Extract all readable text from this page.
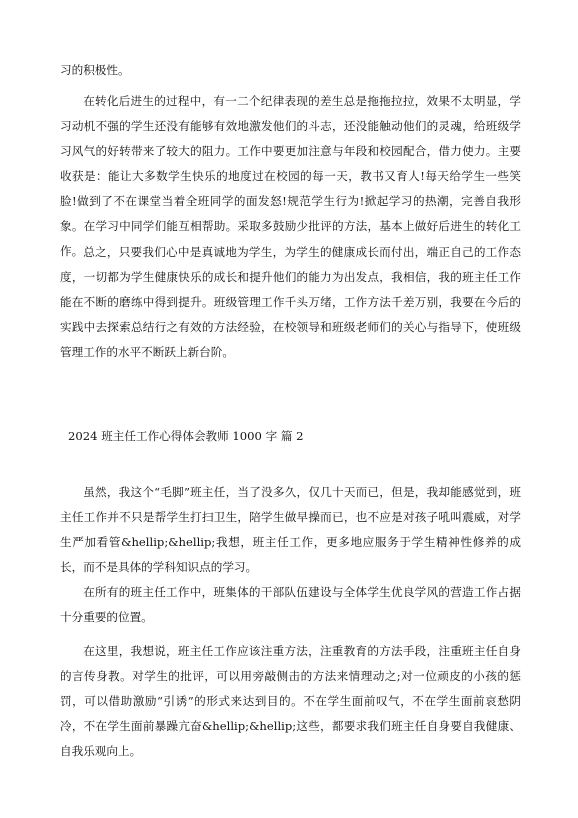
习的积极性。

在转化后进生的过程中，有一二个纪律表现的差生总是拖拖拉拉，效果不太明显，学习动机不强的学生还没有能够有效地激发他们的斗志，还没能触动他们的灵魂，给班级学习风气的好转带来了较大的阻力。工作中要更加注意与年段和校园配合，借力使力。主要收获是：能让大多数学生快乐的地度过在校园的每一天，教书又育人!每天给学生一些笑脸!做到了不在课堂当着全班同学的面发怒!规范学生行为!掀起学习的热潮，完善自我形象。在学习中同学们能互相帮助。采取多鼓励少批评的方法，基本上做好后进生的转化工作。 总之，只要我们心中是真诚地为学生，为学生的健康成长而付出，端正自己的工作态度，一切都为学生健康快乐的成长和提升他们的能力为出发点，我相信，我的班主任工作能在不断的磨练中得到提升。班级管理工作千头万绪，工作方法千差万别，我要在今后的实践中去探索总结行之有效的方法经验，在校领导和班级老师们的关心与指导下，使班级管理工作的水平不断跃上新台阶。

2024 班主任工作心得体会教师 1000 字 篇 2

虽然，我这个“毛脚”班主任，当了没多久，仅几十天而已，但是，我却能感觉到，班主任工作并不只是帮学生打扫卫生，陪学生做早操而已，也不应是对孩子吼叫震威，对学生严加看管&hellip;&hellip;我想，班主任工作，更多地应服务于学生精神性修养的成长，而不是具体的学科知识点的学习。

在所有的班主任工作中，班集体的干部队伍建设与全体学生优良学风的营造工作占据十分重要的位置。

在这里，我想说，班主任工作应该注重方法，注重教育的方法手段，注重班主任自身的言传身教。对学生的批评，可以用旁敲侧击的方法来情理动之;对一位顽皮的小孩的惩罚，可以借助激励“引诱”的形式来达到目的。不在学生面前叹气，不在学生面前哀愁阴冷，不在学生面前暴躁亢奋&hellip;&hellip;这些，都要求我们班主任自身要自我健康、自我乐观向上。
